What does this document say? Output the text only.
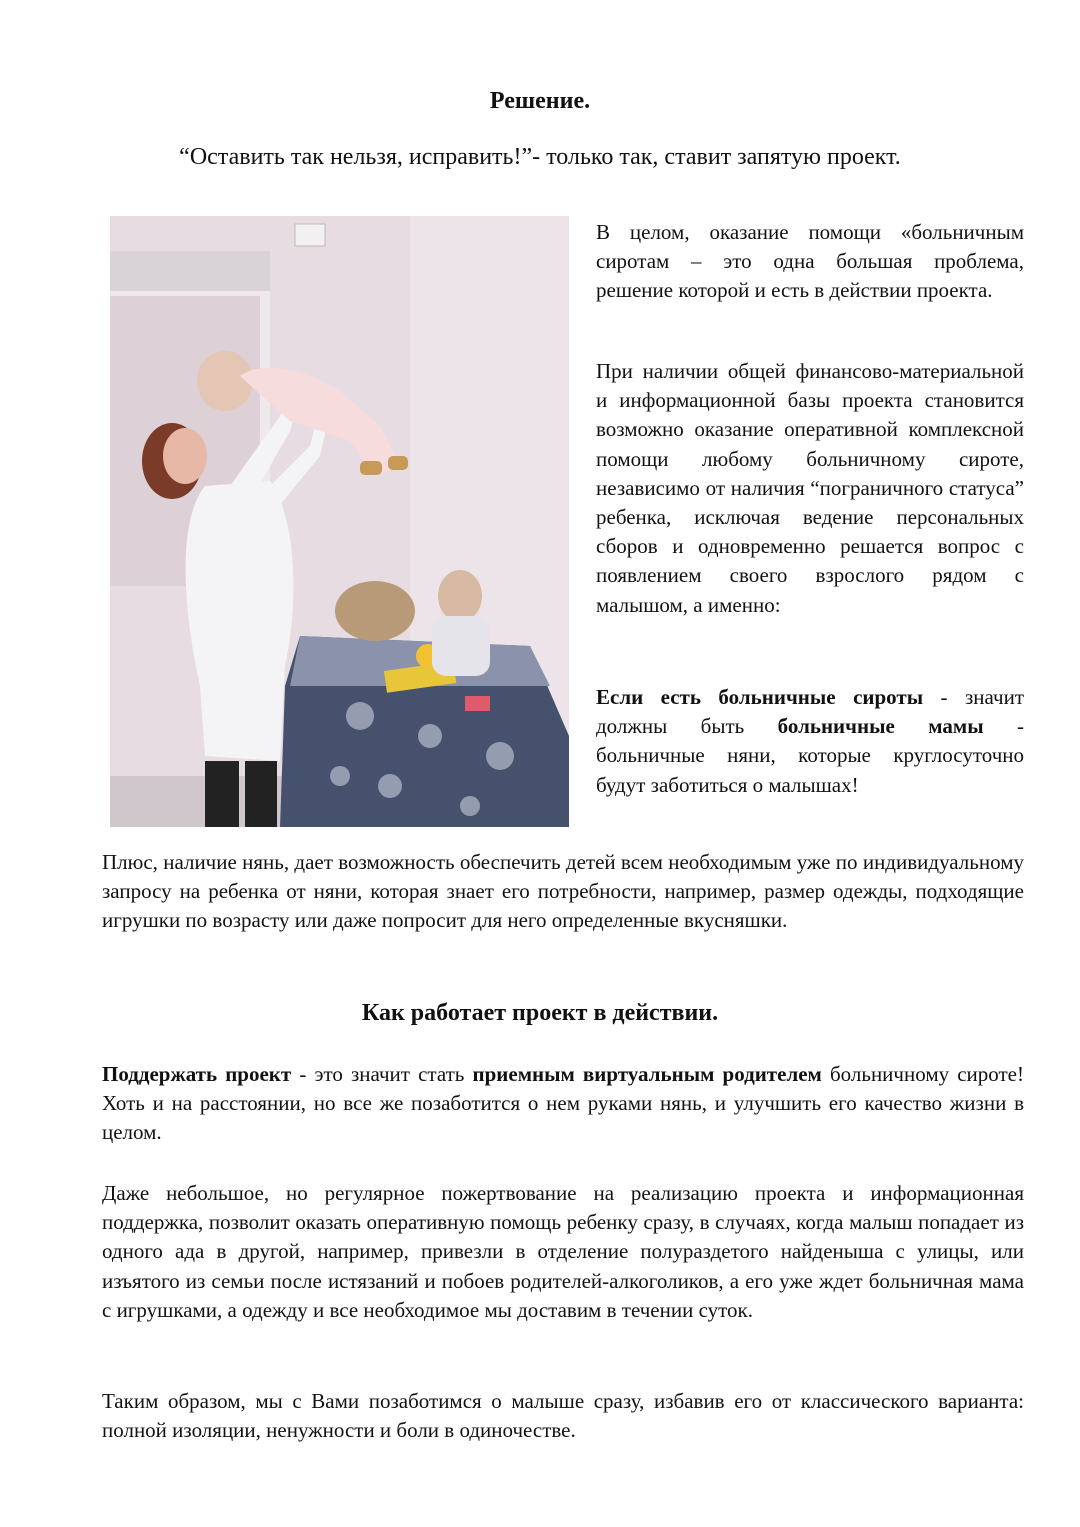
Решение.

“Оставить так нельзя, исправить!”- только так, ставит запятую проект.

В целом, оказание помощи «больничным сиротам – это одна большая проблема, решение которой и есть в действии проекта.

При наличии общей финансово-материальной и информационной базы проекта становится возможно оказание оперативной комплексной помощи любому больничному сироте, независимо от наличия “пограничного статуса” ребенка, исключая ведение персональных сборов и одновременно решается вопрос с появлением своего взрослого рядом с малышом, а именно:

Если есть больничные сироты - значит должны быть больничные мамы - больничные няни, которые круглосуточно будут заботиться о малышах!

Плюс, наличие нянь, дает возможность обеспечить детей всем необходимым уже по индивидуальному запросу на ребенка от няни, которая знает его потребности, например, размер одежды, подходящие игрушки по возрасту или даже попросит для него определенные вкусняшки.

Как работает проект в действии.

Поддержать проект - это значит стать приемным виртуальным родителем больничному сироте! Хоть и на расстоянии, но все же позаботится о нем руками нянь, и улучшить его качество жизни в целом.

Даже небольшое, но регулярное пожертвование на реализацию проекта и информационная поддержка, позволит оказать оперативную помощь ребенку сразу, в случаях, когда малыш попадает из одного ада в другой, например, привезли в отделение полураздетого найденыша с улицы, или изъятого из семьи после истязаний и побоев родителей-алкоголиков, а его уже ждет больничная мама с игрушками, а одежду и все необходимое мы доставим в течении суток.

Таким образом, мы с Вами позаботимся о малыше сразу, избавив его от классического варианта: полной изоляции, ненужности и боли в одиночестве.
